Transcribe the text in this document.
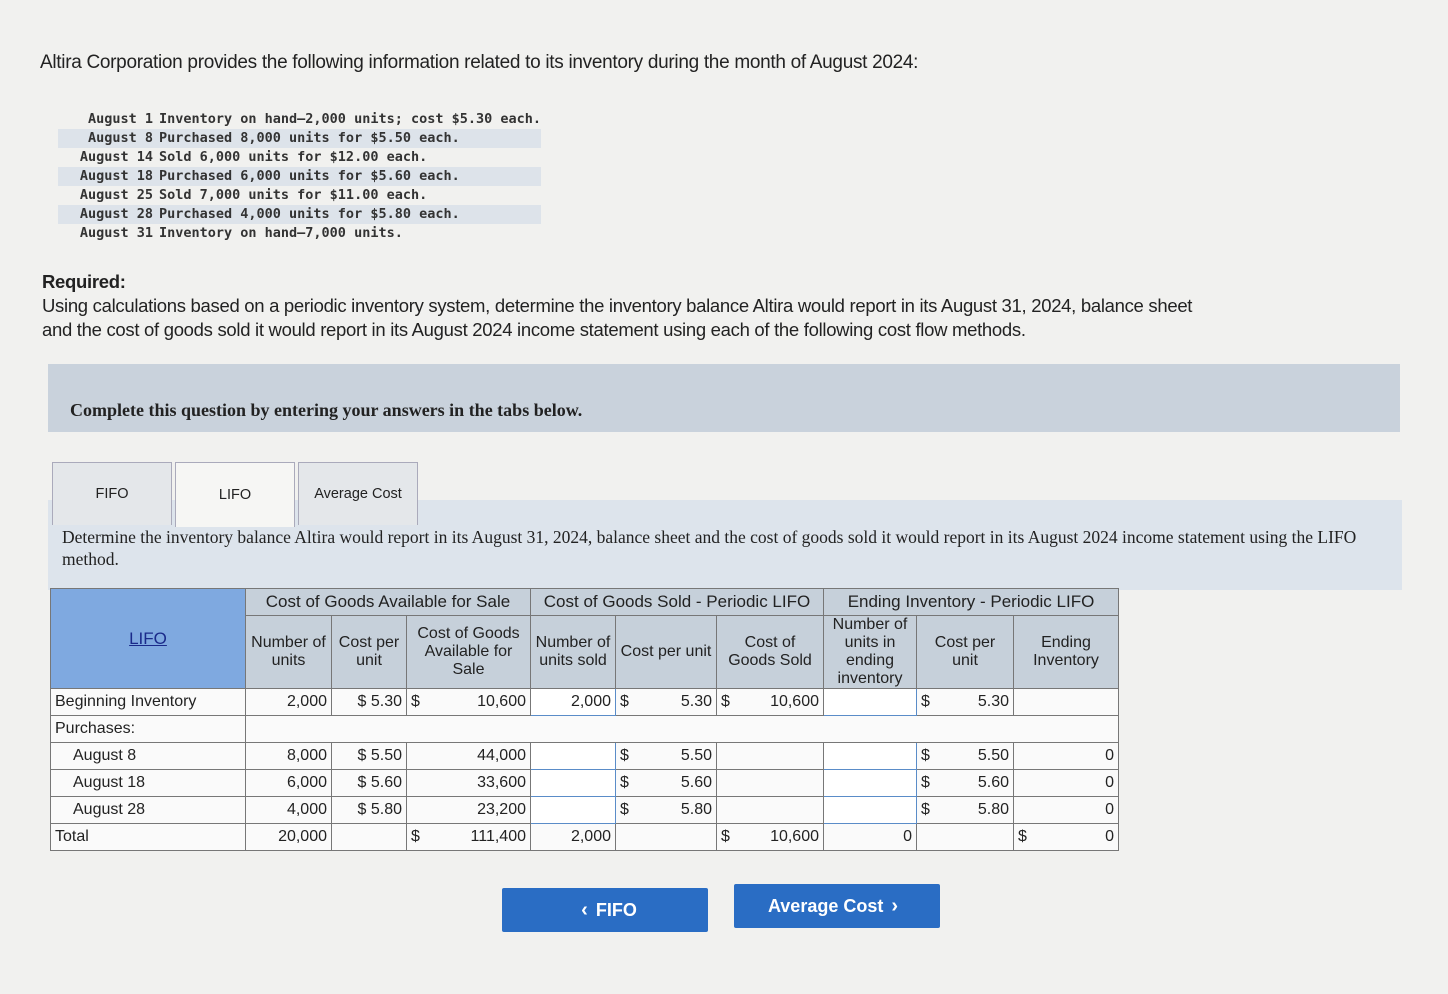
Altira Corporation provides the following information related to its inventory during the month of August 2024:
August 1 Inventory on hand–2,000 units; cost $5.30 each.
August 8 Purchased 8,000 units for $5.50 each.
August 14 Sold 6,000 units for $12.00 each.
August 18 Purchased 6,000 units for $5.60 each.
August 25 Sold 7,000 units for $11.00 each.
August 28 Purchased 4,000 units for $5.80 each.
August 31 Inventory on hand–7,000 units.
Required:
Using calculations based on a periodic inventory system, determine the inventory balance Altira would report in its August 31, 2024, balance sheet and the cost of goods sold it would report in its August 2024 income statement using each of the following cost flow methods.
Complete this question by entering your answers in the tabs below.
FIFO	LIFO	Average Cost
Determine the inventory balance Altira would report in its August 31, 2024, balance sheet and the cost of goods sold it would report in its August 2024 income statement using the LIFO method.
LIFO	Cost of Goods Available for Sale			Cost of Goods Sold - Periodic LIFO			Ending Inventory - Periodic LIFO		
	Number of units	Cost per unit	Cost of Goods Available for Sale	Number of units sold	Cost per unit	Cost of Goods Sold	Number of units in ending inventory	Cost per unit	Ending Inventory
Beginning Inventory	2,000	$ 5.30	$ 10,600	2,000	$ 5.30	$ 10,600		$ 5.30	

Purchases:									
August 8	8,000	$ 5.50	44,000		$ 5.50			$ 5.50	0
August 18	6,000	$ 5.60	33,600		$ 5.60			$ 5.60	0
August 28	4,000	$ 5.80	23,200		$ 5.80			$ 5.80	0
Total	20,000		$ 111,400	2,000		$ 10,600	0		$ 0
‹ FIFO	Average Cost ›
